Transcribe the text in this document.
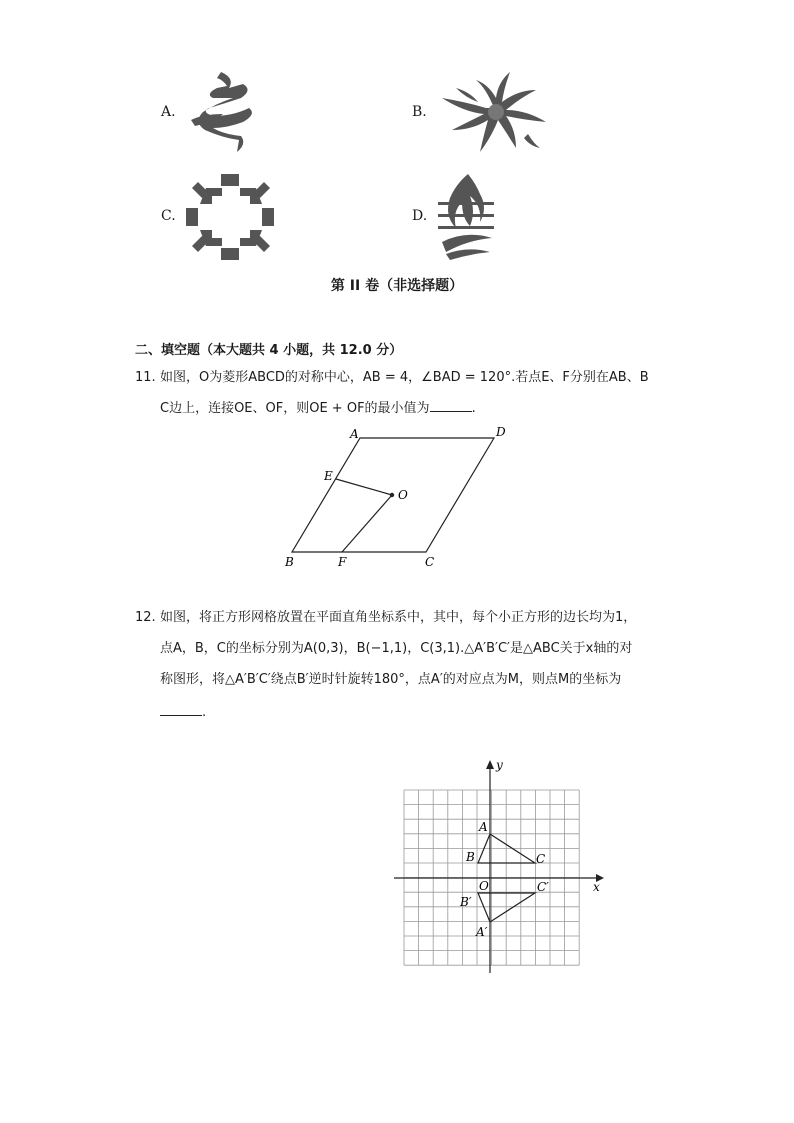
A.	B.
C.	D.
第 II 卷（非选择题）
二、填空题（本大题共 4 小题，共 12.0 分）
11. 如图，O为菱形ABCD的对称中心，AB = 4，∠BAD = 120°.若点E、F分别在AB、B
C边上，连接OE、OF，则OE + OF的最小值为	.
A	D
E
O
B	F	C
12. 如图，将正方形网格放置在平面直角坐标系中，其中，每个小正方形的边长均为1，
点A，B，C的坐标分别为A(0,3)，B(−1,1)，C(3,1).△A′B′C′是△ABC关于x轴的对
称图形，将△A′B′C′绕点B′逆时针旋转180°，点A′的对应点为M，则点M的坐标为
.
y
x
O
A
B	C
B′
C′
A′
